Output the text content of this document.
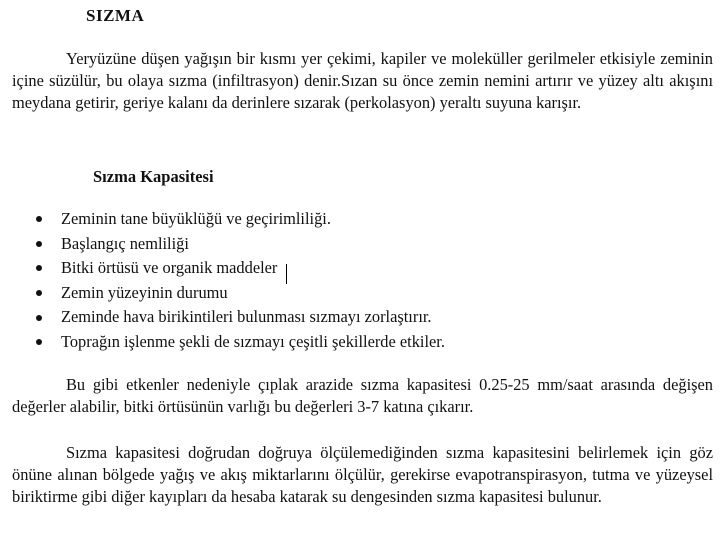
SIZMA

Yeryüzüne düşen yağışın bir kısmı yer çekimi, kapiler ve moleküller gerilmeler etkisiyle zeminin içine süzülür, bu olaya sızma (infiltrasyon) denir.Sızan su önce zemin nemini artırır ve yüzey altı akışını meydana getirir, geriye kalanı da derinlere sızarak (perkolasyon) yeraltı suyuna karışır.

Sızma Kapasitesi
Zeminin tane büyüklüğü ve geçirimliliği.
Başlangıç nemliliği
Bitki örtüsü ve organik maddeler
Zemin yüzeyinin durumu
Zeminde hava birikintileri bulunması sızmayı zorlaştırır.
Toprağın işlenme şekli de sızmayı çeşitli şekillerde etkiler.

Bu gibi etkenler nedeniyle çıplak arazide sızma kapasitesi 0.25-25 mm/saat arasında değişen değerler alabilir, bitki örtüsünün varlığı bu değerleri 3-7 katına çıkarır.

Sızma kapasitesi doğrudan doğruya ölçülemediğinden sızma kapasitesini belirlemek için göz önüne alınan bölgede yağış ve akış miktarlarını ölçülür, gerekirse evapotranspirasyon, tutma ve yüzeysel biriktirme gibi diğer kayıpları da hesaba katarak su dengesinden sızma kapasitesi bulunur.
